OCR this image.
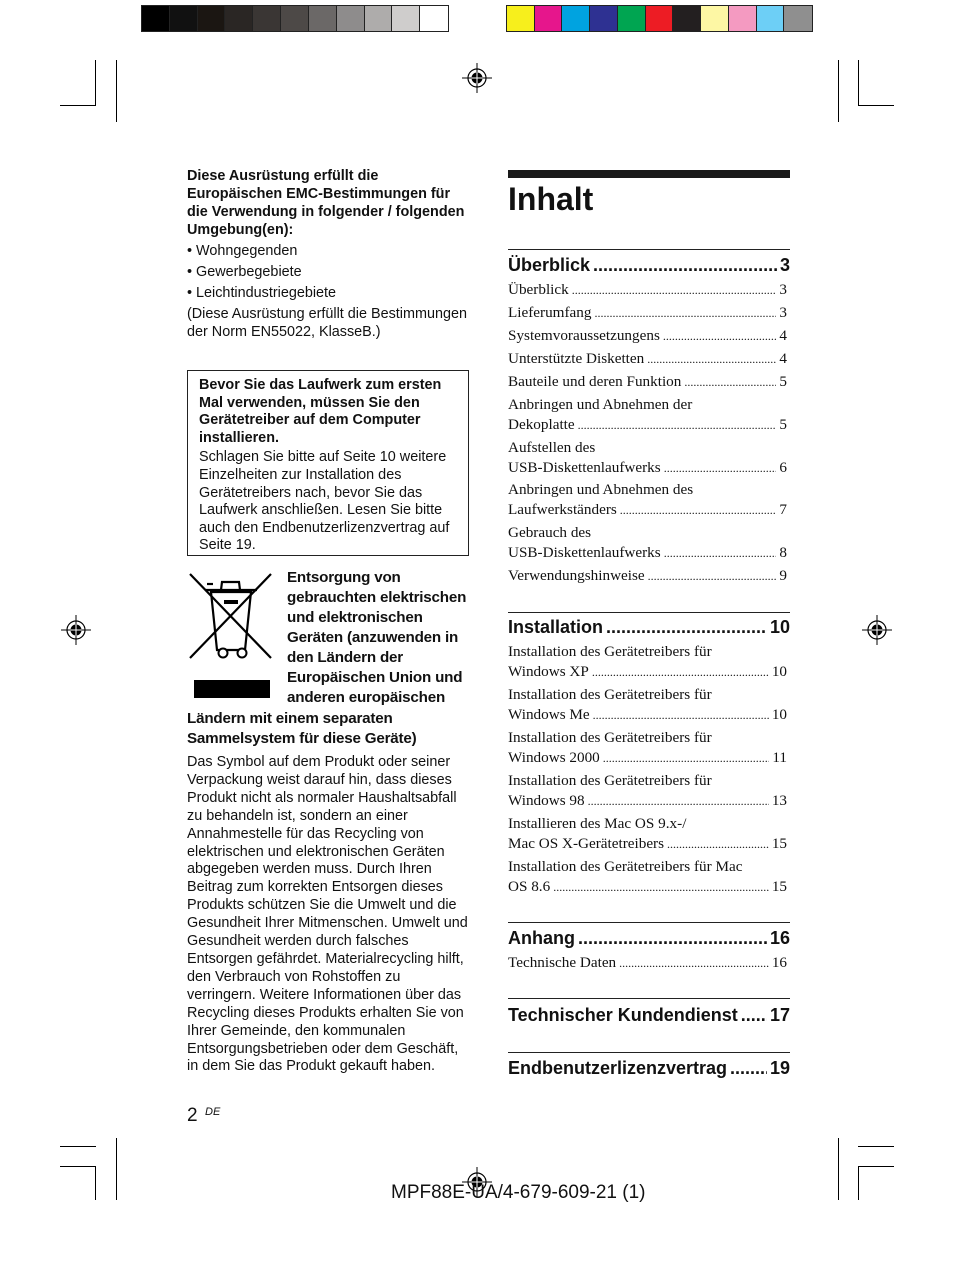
Diese Ausrüstung erfüllt die Europäischen EMC-Bestimmungen für die Verwendung in folgender / folgenden Umgebung(en):
• Wohngegenden
• Gewerbegebiete
• Leichtindustriegebiete
(Diese Ausrüstung erfüllt die Bestimmungen der Norm EN55022, KlasseB.)
Bevor Sie das Laufwerk zum ersten Mal verwenden, müssen Sie den Gerätetreiber auf dem Computer installieren.
Schlagen Sie bitte auf Seite 10 weitere Einzelheiten zur Installation des Gerätetreibers nach, bevor Sie das Laufwerk anschließen. Lesen Sie bitte auch den Endbenutzerlizenzvertrag auf Seite 19.
Entsorgung von gebrauchten elektrischen und elektronischen Geräten (anzuwenden in den Ländern der Europäischen Union und anderen europäischen
Ländern mit einem separaten Sammelsystem für diese Geräte)
Das Symbol auf dem Produkt oder seiner Verpackung weist darauf hin, dass dieses Produkt nicht als normaler Haushaltsabfall zu behandeln ist, sondern an einer Annahmestelle für das Recycling von elektrischen und elektronischen Geräten abgegeben werden muss. Durch Ihren Beitrag zum korrekten Entsorgen dieses Produkts schützen Sie die Umwelt und die Gesundheit Ihrer Mitmenschen. Umwelt und Gesundheit werden durch falsches Entsorgen gefährdet. Materialrecycling hilft, den Verbrauch von Rohstoffen zu verringern. Weitere Informationen über das Recycling dieses Produkts erhalten Sie von Ihrer Gemeinde, den kommunalen Entsorgungsbetrieben oder dem Geschäft, in dem Sie das Produkt gekauft haben.
Inhalt
Überblick .....	3
Überblick . . .	3
Lieferumfang . . .	3
Systemvoraussetzungens . . .	4
Unterstützte Disketten . . .	4
Bauteile und deren Funktion . . .	5
Anbringen und Abnehmen der
Dekoplatte . . .	5
Aufstellen des
USB-Diskettenlaufwerks . . .	6
Anbringen und Abnehmen des
Laufwerkständers . . .	7
Gebrauch des
USB-Diskettenlaufwerks . . .	8
Verwendungshinweise . . .	9
Installation .....	10
Installation des Gerätetreibers für
Windows XP . . .	10
Installation des Gerätetreibers für
Windows Me . . .	10
Installation des Gerätetreibers für
Windows 2000 . . .	11
Installation des Gerätetreibers für
Windows 98 . . .	13
Installieren des Mac OS 9.x-/
Mac OS X-Gerätetreibers . . .	15
Installation des Gerätetreibers für Mac
OS 8.6 . . .	15
Anhang .....	16
Technische Daten . . .	16
Technischer Kundendienst ..... 17
Endbenutzerlizenzvertrag ..... 19
2 DE
MPF88E-UA/4-679-609-21 (1)
